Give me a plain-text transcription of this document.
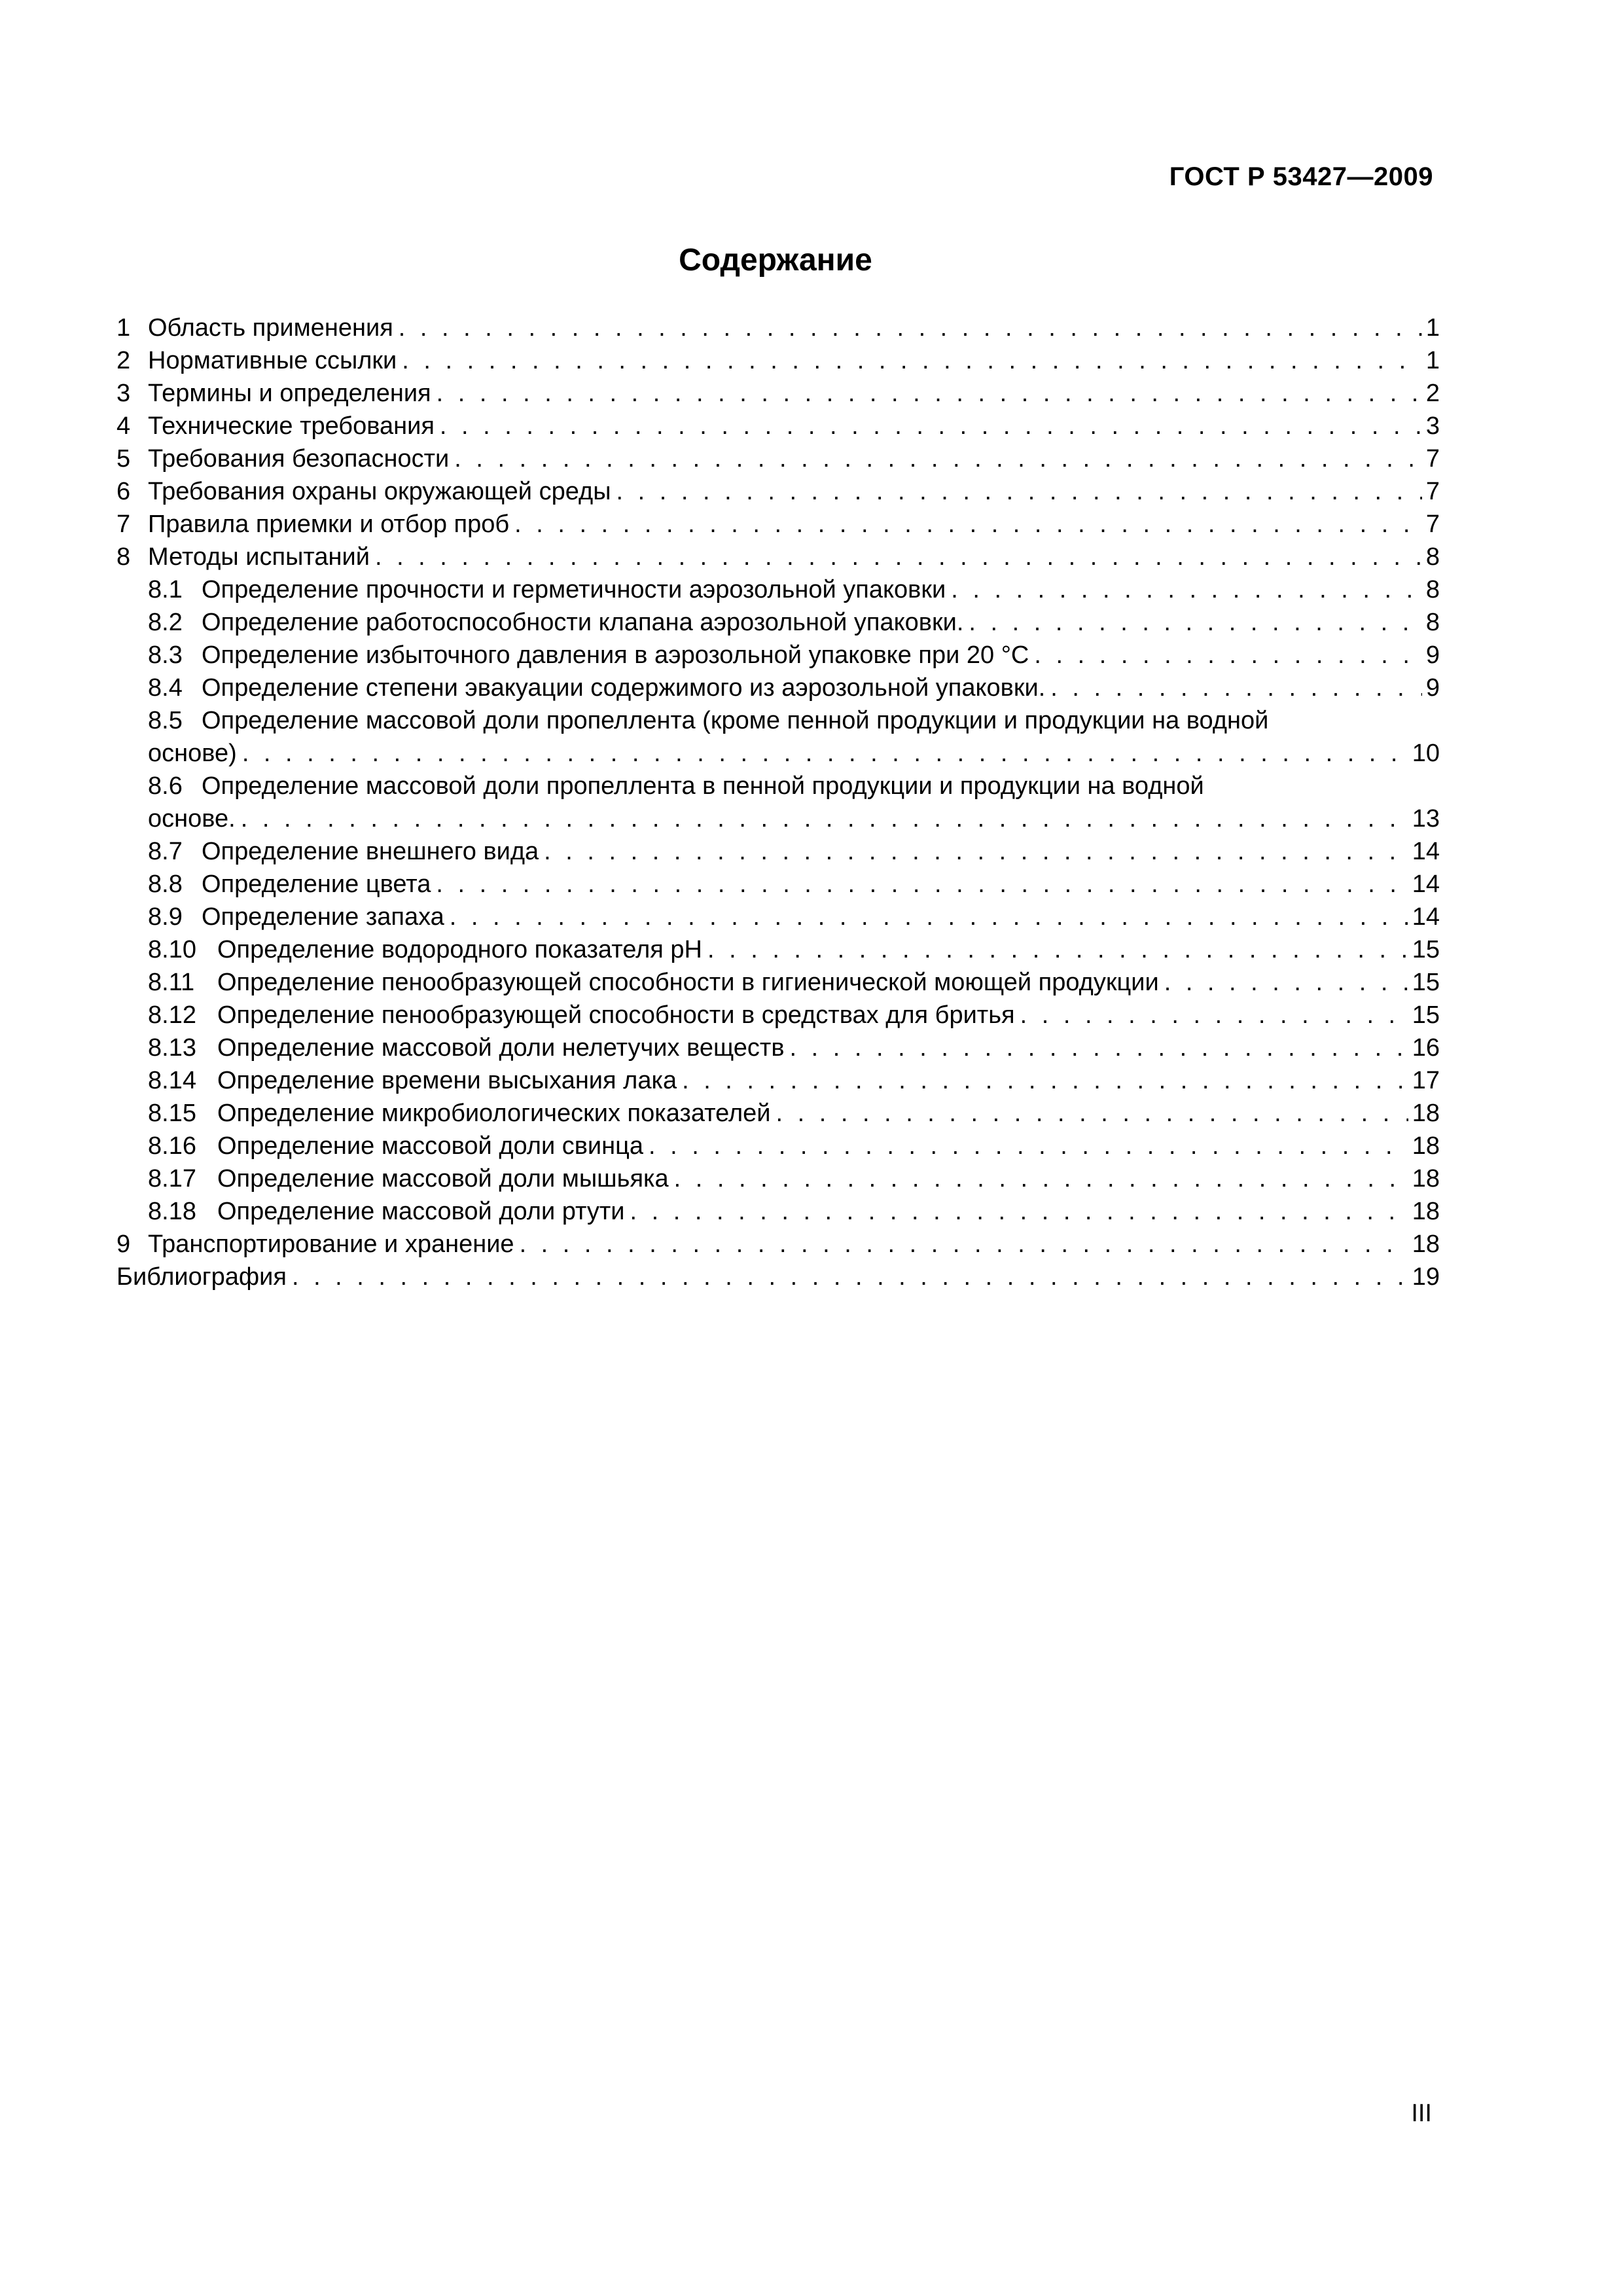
ГОСТ Р 53427—2009
Содержание
1 Область применения . . .	1
2 Нормативные ссылки . . .	1
3 Термины и определения . . .	2
4 Технические требования . . .	3
5 Требования безопасности . . .	7
6 Требования охраны окружающей среды . . .	7
7 Правила приемки и отбор проб . . .	7
8 Методы испытаний . . .	8
8.1 Определение прочности и герметичности аэрозольной упаковки . . .	8
8.2 Определение работоспособности клапана аэрозольной упаковки. . . .	8
8.3 Определение избыточного давления в аэрозольной упаковке при 20 °С . . .	9
8.4 Определение степени эвакуации содержимого из аэрозольной упаковки. . . .	9
8.5 Определение массовой доли пропеллента (кроме пенной продукции и продукции на водной
основе) . . .	10
8.6 Определение массовой доли пропеллента в пенной продукции и продукции на водной
основе. . . .	13
8.7 Определение внешнего вида . . .	14
8.8 Определение цвета . . .	14
8.9 Определение запаха . . .	14
8.10 Определение водородного показателя pH . . .	15
8.11 Определение пенообразующей способности в гигиенической моющей продукции . . .	15
8.12 Определение пенообразующей способности в средствах для бритья . . .	15
8.13 Определение массовой доли нелетучих веществ . . .	16
8.14 Определение времени высыхания лака . . .	17
8.15 Определение микробиологических показателей . . .	18
8.16 Определение массовой доли свинца . . .	18
8.17 Определение массовой доли мышьяка . . .	18
8.18 Определение массовой доли ртути . . .	18
9 Транспортирование и хранение . . .	18
Библиография . . .	19
III
